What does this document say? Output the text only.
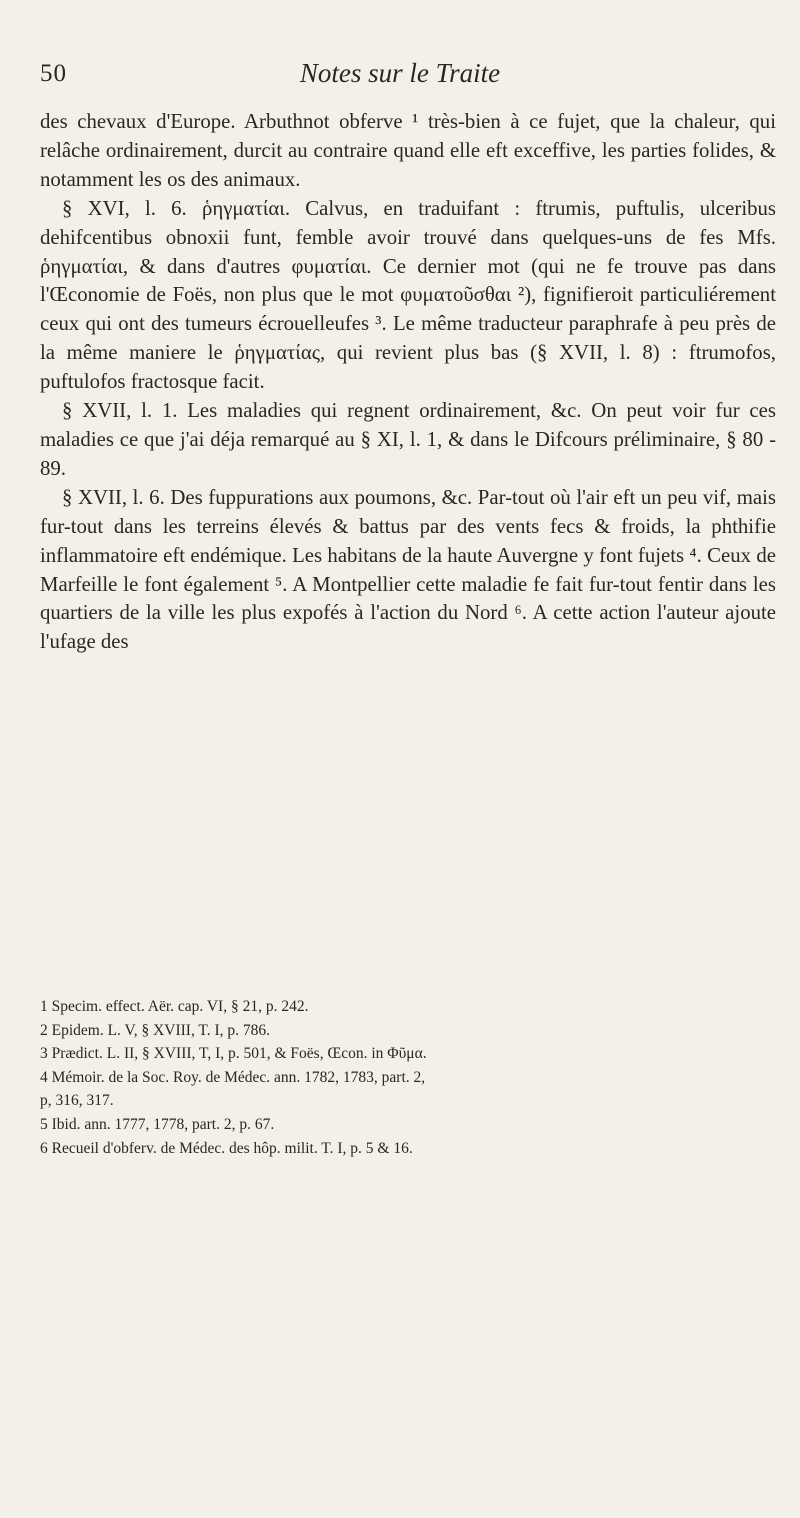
50	Notes sur le Traite

des chevaux d'Europe. Arbuthnot obferve ¹ très-bien à ce fujet, que la chaleur, qui relâche ordinairement, durcit au contraire quand elle eft exceffive, les parties folides, & notamment les os des animaux.

§ XVI, l. 6. ῥηγματίαι. Calvus, en traduifant : ftrumis, puftulis, ulceribus dehifcentibus obnoxii funt, femble avoir trouvé dans quelques-uns de fes Mfs. ῥηγματίαι, & dans d'autres φυματίαι. Ce dernier mot (qui ne fe trouve pas dans l'Œconomie de Foës, non plus que le mot φυματοῦσθαι ²), fignifieroit particuliérement ceux qui ont des tumeurs écrouelleufes ³. Le même traducteur paraphrafe à peu près de la même maniere le ῥηγματίας, qui revient plus bas (§ XVII, l. 8) : ftrumofos, puftulofos fractosque facit.

§ XVII, l. 1. Les maladies qui regnent ordinairement, &c. On peut voir fur ces maladies ce que j'ai déja remarqué au § XI, l. 1, & dans le Difcours préliminaire, § 80 - 89.

§ XVII, l. 6. Des fuppurations aux poumons, &c. Par-tout où l'air eft un peu vif, mais fur-tout dans les terreins élevés & battus par des vents fecs & froids, la phthifie inflammatoire eft endémique. Les habitans de la haute Auvergne y font fujets ⁴. Ceux de Marfeille le font également ⁵. A Montpellier cette maladie fe fait fur-tout fentir dans les quartiers de la ville les plus expofés à l'action du Nord ⁶. A cette action l'auteur ajoute l'ufage des

1 Specim. effect. Aër. cap. VI, § 21, p. 242.
2 Epidem. L. V, § XVIII, T. I, p. 786.
3 Prædict. L. II, § XVIII, T, I, p. 501, & Foës, Œcon. in Φῦμα.
4 Mémoir. de la Soc. Roy. de Médec. ann. 1782, 1783, part. 2,
p, 316, 317.
5 Ibid. ann. 1777, 1778, part. 2, p. 67.
6 Recueil d'obferv. de Médec. des hôp. milit. T. I, p. 5 & 16.
